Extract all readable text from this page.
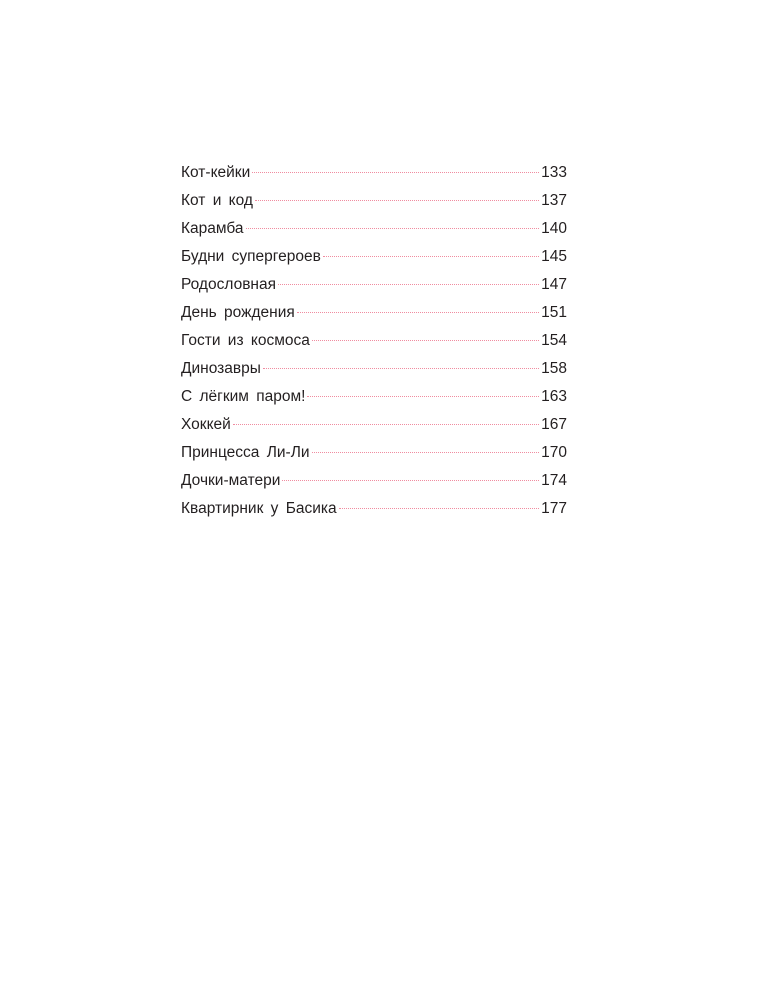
Кот-кейки	133
Кот и код	137
Карамба	140
Будни супергероев	145
Родословная	147
День рождения	151
Гости из космоса	154
Динозавры	158
С лёгким паром!	163
Хоккей	167
Принцесса Ли-Ли	170
Дочки-матери	174
Квартирник у Басика	177
